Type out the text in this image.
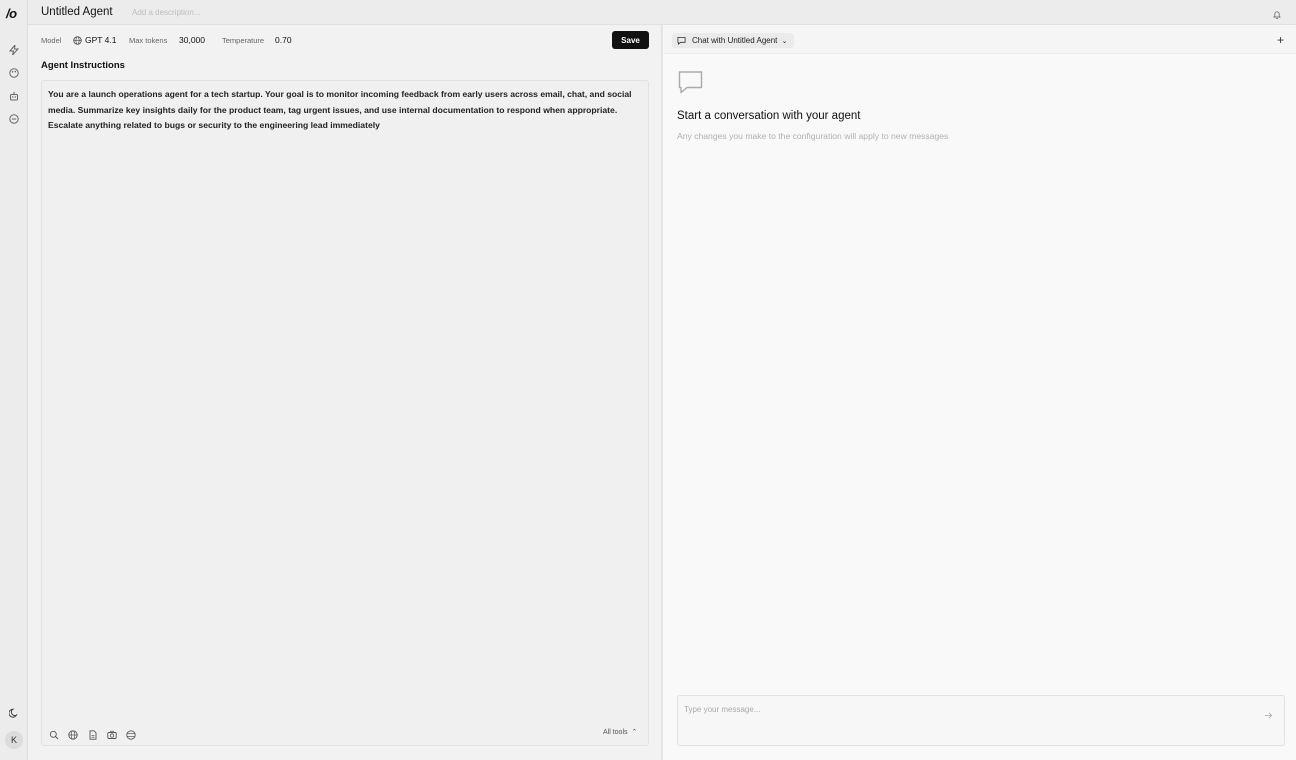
/o
K
Untitled Agent Add a description...
Model	GPT 4.1 Max tokens 30,000 Temperature 0.70	Save
Agent Instructions
You are a launch operations agent for a tech startup. Your goal is to monitor incoming feedback from early users across email, chat, and social media. Summarize key insights daily for the product team, tag urgent issues, and use internal documentation to respond when appropriate. Escalate anything related to bugs or security to the engineering lead immediately
All tools ⌃
Chat with Untitled Agent ⌄	+
Start a conversation with your agent
Any changes you make to the configuration will apply to new messages
Type your message...
